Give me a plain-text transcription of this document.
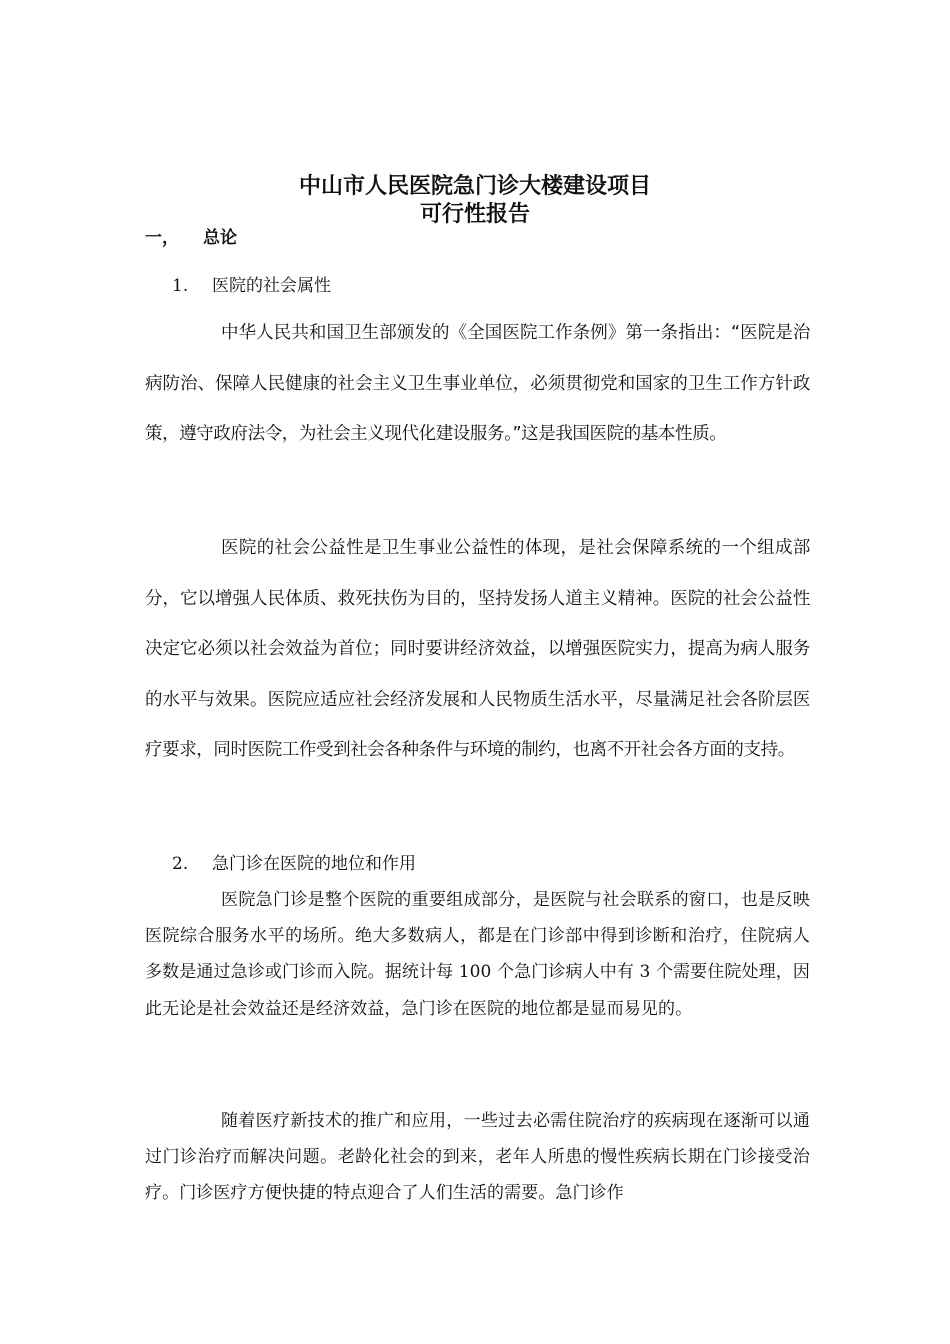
中山市人民医院急门诊大楼建设项目
可行性报告
一， 总论
1. 医院的社会属性

中华人民共和国卫生部颁发的《全国医院工作条例》第一条指出：“医院是治病防治、保障人民健康的社会主义卫生事业单位，必须贯彻党和国家的卫生工作方针政策，遵守政府法令，为社会主义现代化建设服务。”这是我国医院的基本性质。

医院的社会公益性是卫生事业公益性的体现，是社会保障系统的一个组成部分，它以增强人民体质、救死扶伤为目的，坚持发扬人道主义精神。医院的社会公益性决定它必须以社会效益为首位；同时要讲经济效益，以增强医院实力，提高为病人服务的水平与效果。医院应适应社会经济发展和人民物质生活水平，尽量满足社会各阶层医疗要求，同时医院工作受到社会各种条件与环境的制约，也离不开社会各方面的支持。

2. 急门诊在医院的地位和作用

医院急门诊是整个医院的重要组成部分，是医院与社会联系的窗口，也是反映医院综合服务水平的场所。绝大多数病人，都是在门诊部中得到诊断和治疗，住院病人多数是通过急诊或门诊而入院。据统计每 100 个急门诊病人中有 3 个需要住院处理，因此无论是社会效益还是经济效益，急门诊在医院的地位都是显而易见的。

随着医疗新技术的推广和应用，一些过去必需住院治疗的疾病现在逐渐可以通过门诊治疗而解决问题。老龄化社会的到来，老年人所患的慢性疾病长期在门诊接受治疗。门诊医疗方便快捷的特点迎合了人们生活的需要。急门诊作
